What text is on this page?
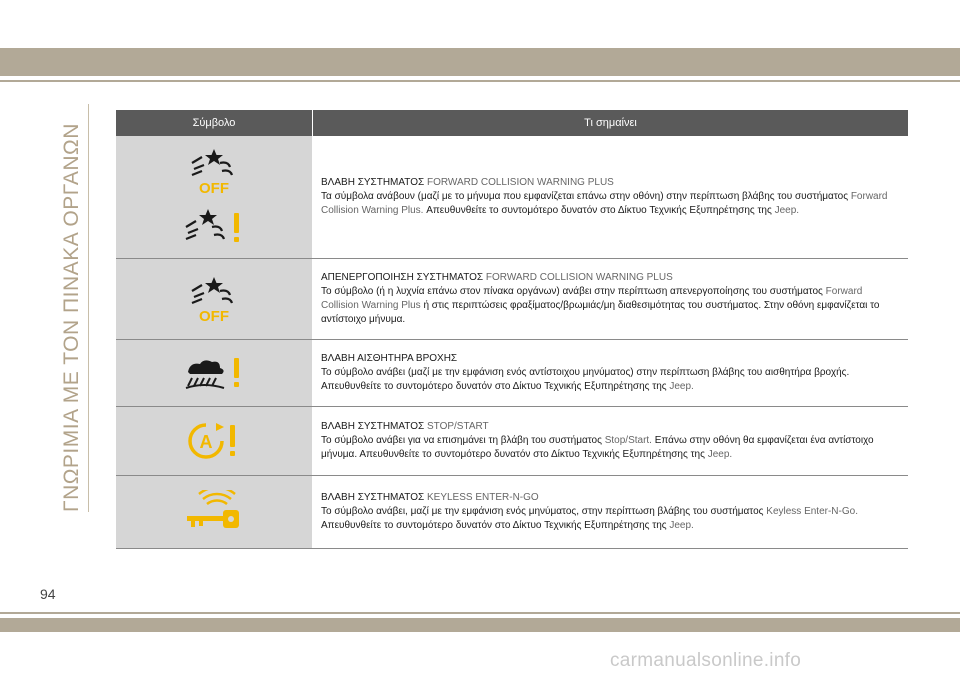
ΓΝΩΡΙΜΙΑ ΜΕ ΤΟΝ ΠΙΝΑΚΑ ΟΡΓΑΝΩΝ
Σύμβολο	Τι σημαίνει
OFF	ΒΛΑΒΗ ΣΥΣΤΗΜΑΤΟΣ FORWARD COLLISION WARNING PLUS
Τα σύμβολα ανάβουν (μαζί με το μήνυμα που εμφανίζεται επάνω στην οθόνη) στην περίπτωση βλάβης του συστήματος Forward Collision Warning Plus. Απευθυνθείτε το συντομότερο δυνατόν στο Δίκτυο Τεχνικής Εξυπηρέτησης της Jeep.
OFF
ΑΠΕΝΕΡΓΟΠΟΙΗΣΗ ΣΥΣΤΗΜΑΤΟΣ FORWARD COLLISION WARNING PLUS
Το σύμβολο (ή η λυχνία επάνω στον πίνακα οργάνων) ανάβει στην περίπτωση απενεργοποίησης του συστήματος Forward Collision Warning Plus ή στις περιπτώσεις φραξίματος/βρωμιάς/μη διαθεσιμότητας του συστήματος. Στην οθόνη εμφανίζεται το αντίστοιχο μήνυμα.
ΒΛΑΒΗ ΑΙΣΘΗΤΗΡΑ ΒΡΟΧΗΣ
Το σύμβολο ανάβει (μαζί με την εμφάνιση ενός αντίστοιχου μηνύματος) στην περίπτωση βλάβης του αισθητήρα βροχής. Απευθυνθείτε το συντομότερο δυνατόν στο Δίκτυο Τεχνικής Εξυπηρέτησης της Jeep.
A
ΒΛΑΒΗ ΣΥΣΤΗΜΑΤΟΣ STOP/START
Το σύμβολο ανάβει για να επισημάνει τη βλάβη του συστήματος Stop/Start. Επάνω στην οθόνη θα εμφανίζεται ένα αντίστοιχο μήνυμα. Απευθυνθείτε το συντομότερο δυνατόν στο Δίκτυο Τεχνικής Εξυπηρέτησης της Jeep.
ΒΛΑΒΗ ΣΥΣΤΗΜΑΤΟΣ KEYLESS ENTER-N-GO
Το σύμβολο ανάβει, μαζί με την εμφάνιση ενός μηνύματος, στην περίπτωση βλάβης του συστήματος Keyless Enter-N-Go. Απευθυνθείτε το συντομότερο δυνατόν στο Δίκτυο Τεχνικής Εξυπηρέτησης της Jeep.
94
carmanualsonline.info
